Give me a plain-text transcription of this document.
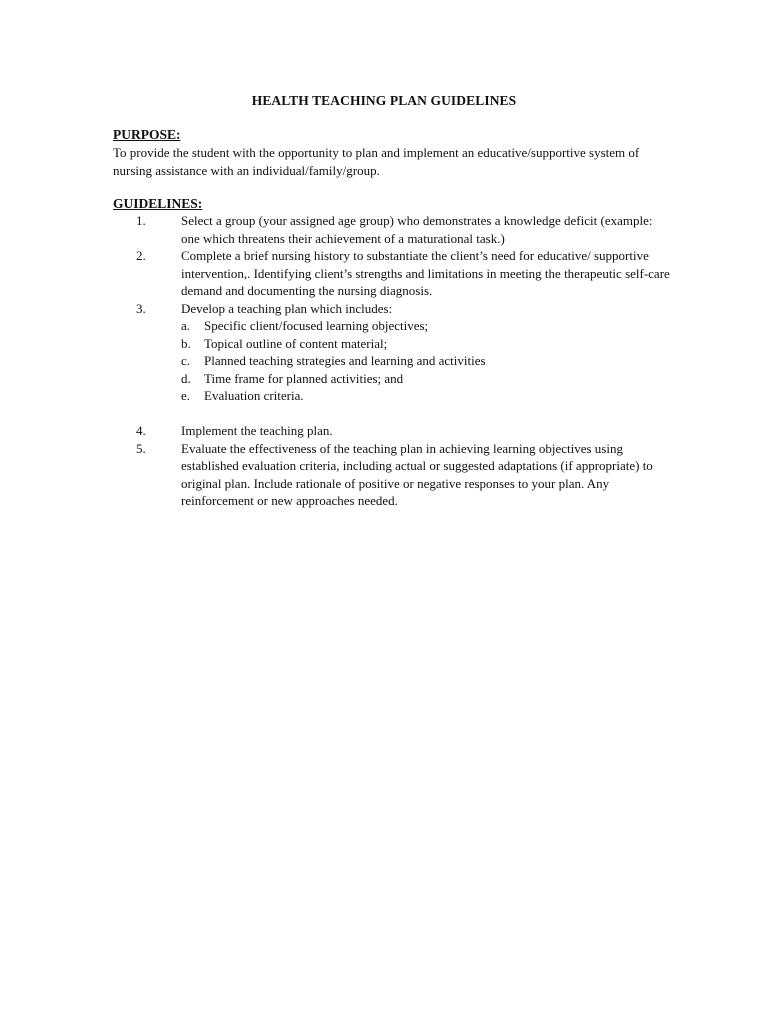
HEALTH TEACHING PLAN GUIDELINES
PURPOSE:
To provide the student with the opportunity to plan and implement an educative/supportive system of nursing assistance with an individual/family/group.
GUIDELINES:
1.	Select a group (your assigned age group) who demonstrates a knowledge deficit (example: one which threatens their achievement of a maturational task.)
2.	Complete a brief nursing history to substantiate the client’s need for educative/ supportive intervention,. Identifying client’s strengths and limitations in meeting the therapeutic self-care demand and documenting the nursing diagnosis.
3.	Develop a teaching plan which includes:
a. Specific client/focused learning objectives;
b. Topical outline of content material;
c. Planned teaching strategies and learning and activities
d. Time frame for planned activities; and
e. Evaluation criteria.
4.	Implement the teaching plan.
5.	Evaluate the effectiveness of the teaching plan in achieving learning objectives using established evaluation criteria, including actual or suggested adaptations (if appropriate) to original plan. Include rationale of positive or negative responses to your plan. Any reinforcement or new approaches needed.
